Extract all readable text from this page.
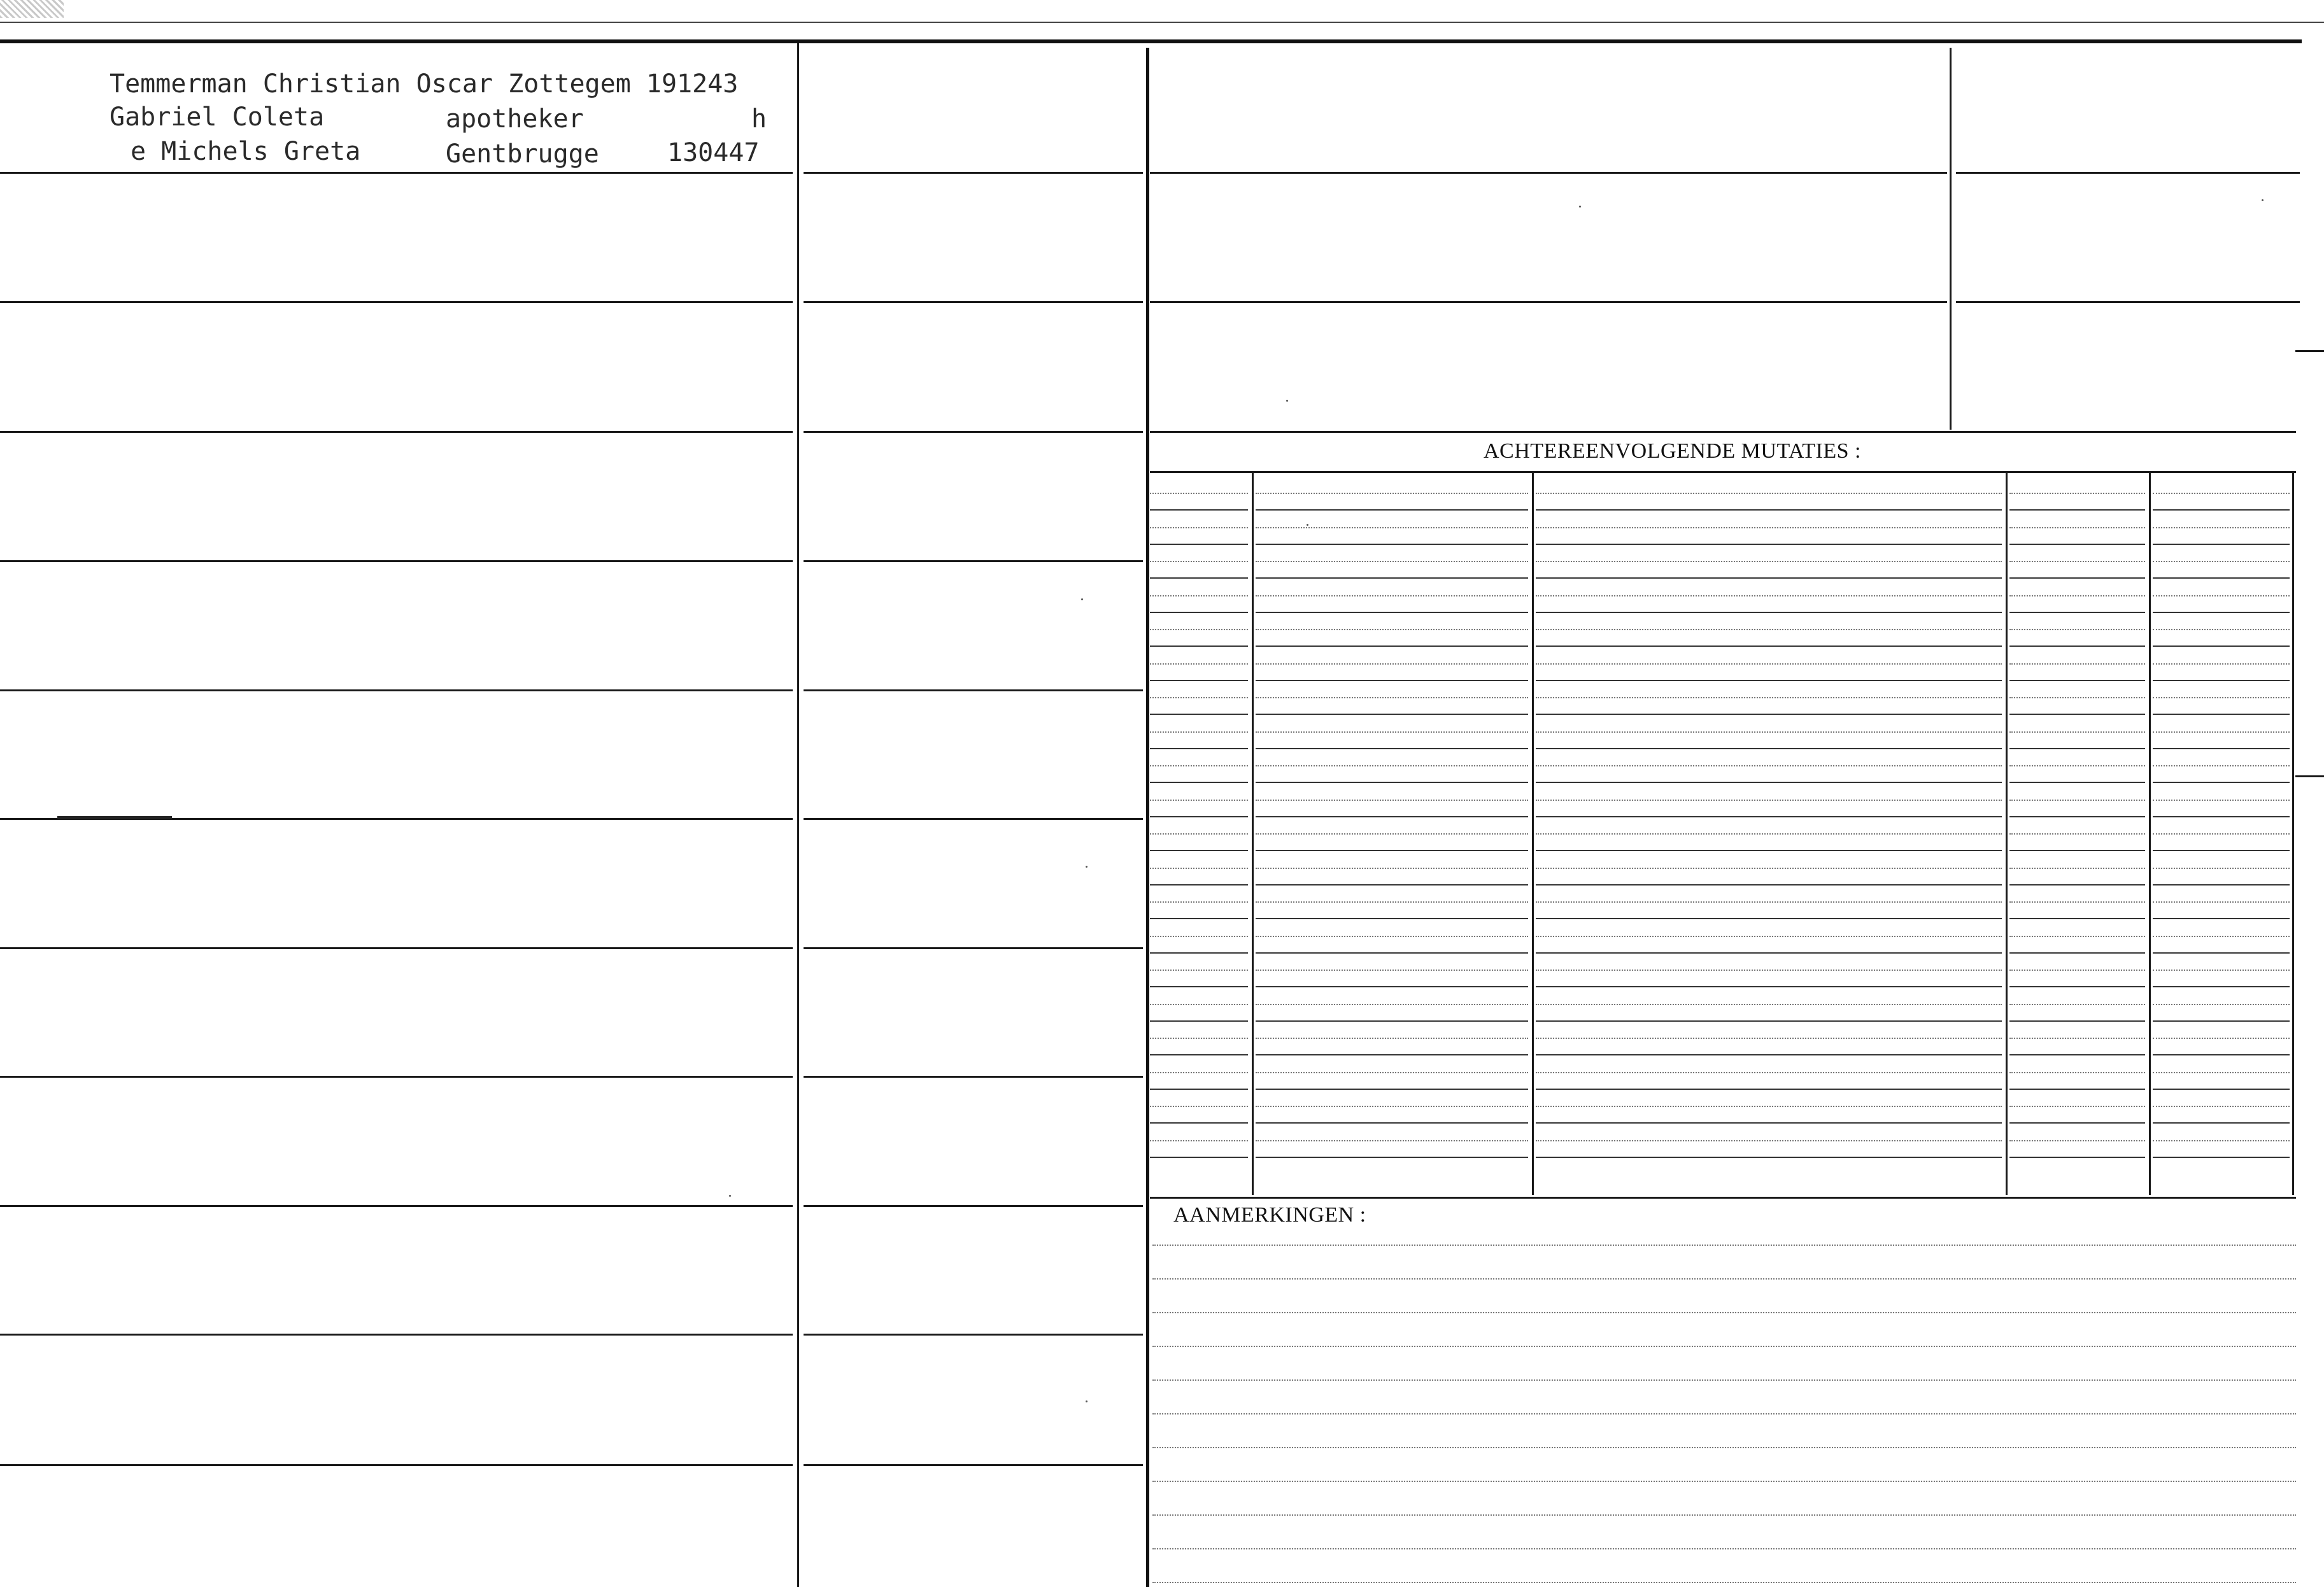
ACHTEREENVOLGENDE MUTATIES :
AANMERKINGEN :
Temmerman Christian Oscar Zottegem 191243
Gabriel Coleta	apotheker	h
e Michels Greta	Gentbrugge	130447
